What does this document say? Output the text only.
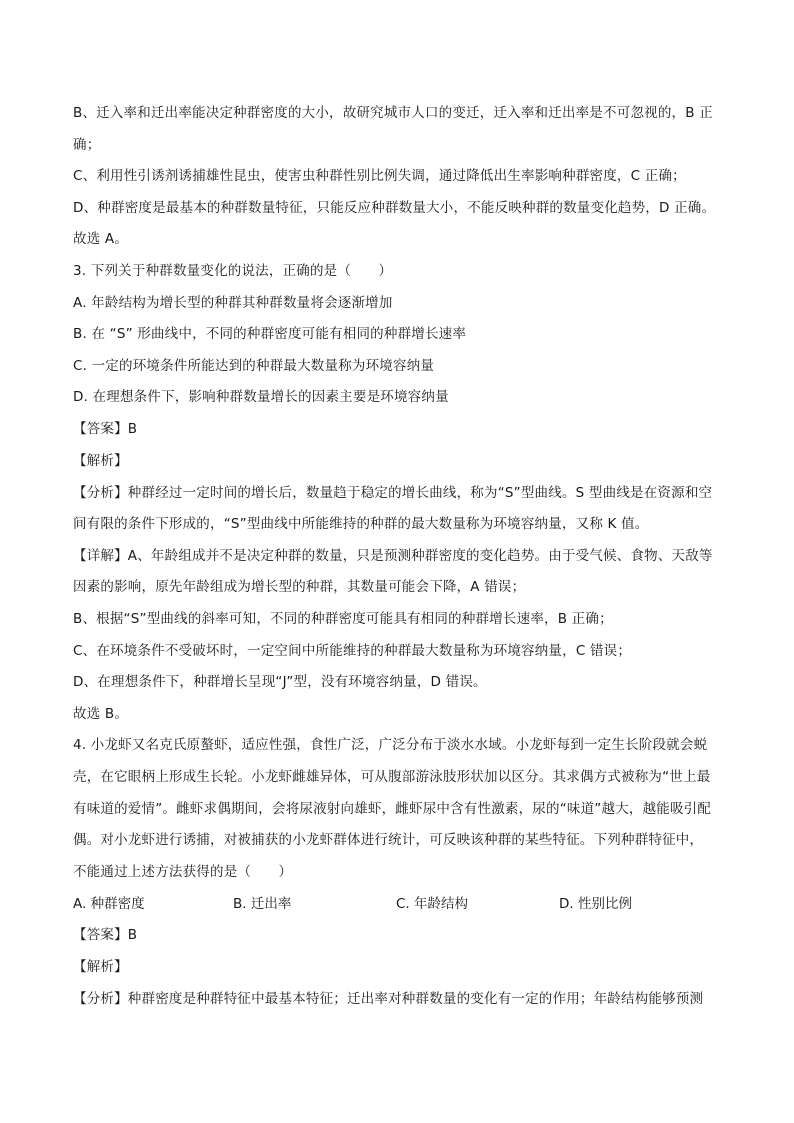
B、迁入率和迁出率能决定种群密度的大小，故研究城市人口的变迁，迁入率和迁出率是不可忽视的，B 正
确；
C、利用性引诱剂诱捕雄性昆虫，使害虫种群性别比例失调，通过降低出生率影响种群密度，C 正确；
D、种群密度是最基本的种群数量特征，只能反应种群数量大小，不能反映种群的数量变化趋势，D 正确。
故选 A。
3. 下列关于种群数量变化的说法，正确的是（　　）
A. 年龄结构为增长型的种群其种群数量将会逐渐增加
B. 在 “S” 形曲线中，不同的种群密度可能有相同的种群增长速率
C. 一定的环境条件所能达到的种群最大数量称为环境容纳量
D. 在理想条件下，影响种群数量增长的因素主要是环境容纳量
【答案】B
【解析】
【分析】种群经过一定时间的增长后，数量趋于稳定的增长曲线，称为“S”型曲线。S 型曲线是在资源和空
间有限的条件下形成的，“S”型曲线中所能维持的种群的最大数量称为环境容纳量，又称 K 值。
【详解】A、年龄组成并不是决定种群的数量，只是预测种群密度的变化趋势。由于受气候、食物、天敌等
因素的影响，原先年龄组成为增长型的种群，其数量可能会下降，A 错误；
B、根据“S”型曲线的斜率可知，不同的种群密度可能具有相同的种群增长速率，B 正确；
C、在环境条件不受破坏时，一定空间中所能维持的种群最大数量称为环境容纳量，C 错误；
D、在理想条件下，种群增长呈现“J”型，没有环境容纳量，D 错误。
故选 B。
4. 小龙虾又名克氏原螯虾，适应性强，食性广泛，广泛分布于淡水水域。小龙虾每到一定生长阶段就会蜕
壳，在它眼柄上形成生长轮。小龙虾雌雄异体，可从腹部游泳肢形状加以区分。其求偶方式被称为“世上最
有味道的爱情”。雌虾求偶期间，会将尿液射向雄虾，雌虾尿中含有性激素，尿的“味道”越大，越能吸引配
偶。对小龙虾进行诱捕，对被捕获的小龙虾群体进行统计，可反映该种群的某些特征。下列种群特征中，
不能通过上述方法获得的是（　　）
A. 种群密度	B. 迁出率	C. 年龄结构	D. 性别比例
【答案】B
【解析】
【分析】种群密度是种群特征中最基本特征；迁出率对种群数量的变化有一定的作用；年龄结构能够预测
